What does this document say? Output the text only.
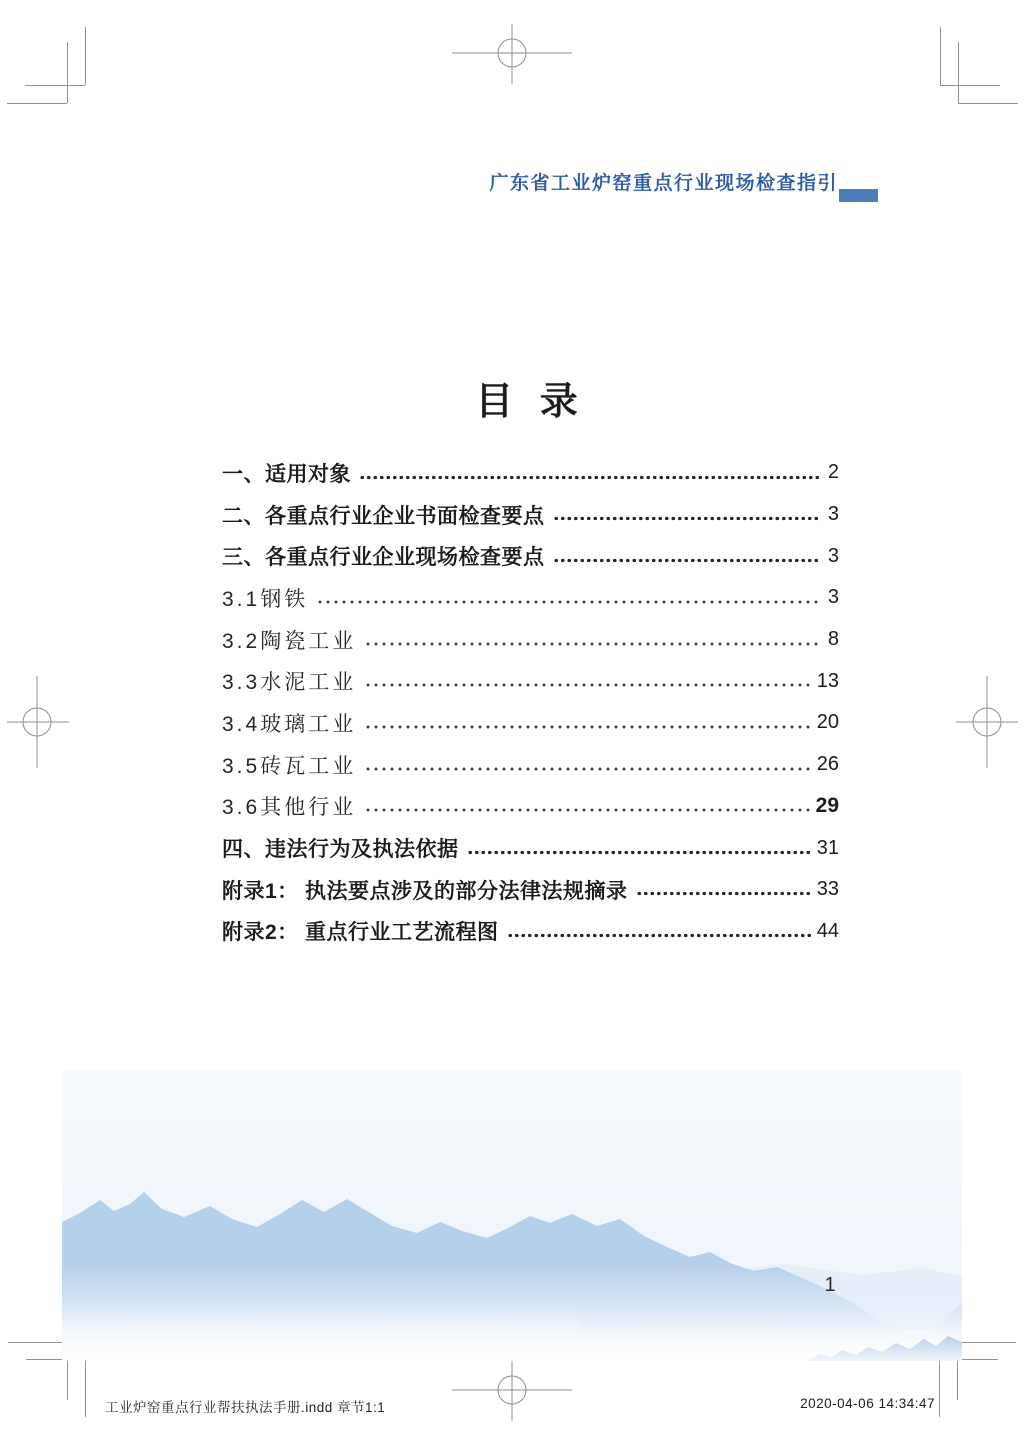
广东省工业炉窑重点行业现场检查指引
目 录
一、适用对象	2
二、各重点行业企业书面检查要点	3
三、各重点行业企业现场检查要点	3
3.1钢铁	3
3.2陶瓷工业	8
3.3水泥工业	13
3.4玻璃工业	20
3.5砖瓦工业	26
3.6其他行业	29
四、违法行为及执法依据	31
附录1： 执法要点涉及的部分法律法规摘录	33
附录2： 重点行业工艺流程图	44
1
工业炉窑重点行业帮扶执法手册.indd 章节1:1	2020-04-06 14:34:47
